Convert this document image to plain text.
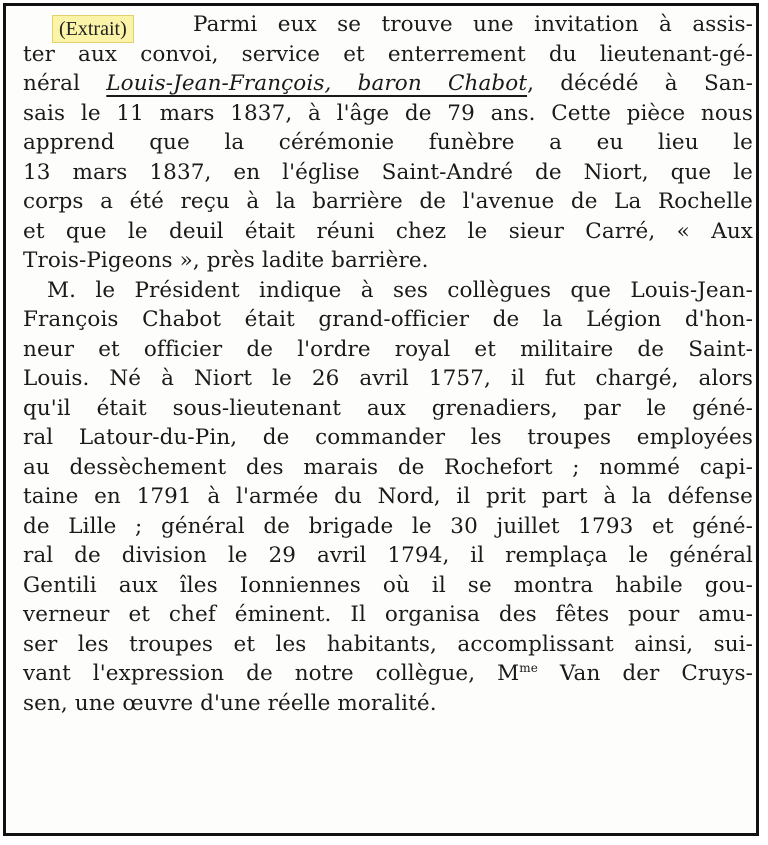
(Extrait)	Parmi eux se trouve une invitation à assis-
ter aux convoi, service et enterrement du lieutenant-gé-
néral Louis-Jean-François, baron Chabot, décédé à San-
sais le 11 mars 1837, à l'âge de 79 ans. Cette pièce nous
apprend que la cérémonie funèbre a eu lieu le
13 mars 1837, en l'église Saint-André de Niort, que le
corps a été reçu à la barrière de l'avenue de La Rochelle
et que le deuil était réuni chez le sieur Carré, « Aux
Trois-Pigeons », près ladite barrière.
M. le Président indique à ses collègues que Louis-Jean-
François Chabot était grand-officier de la Légion d'hon-
neur et officier de l'ordre royal et militaire de Saint-
Louis. Né à Niort le 26 avril 1757, il fut chargé, alors
qu'il était sous-lieutenant aux grenadiers, par le géné-
ral Latour-du-Pin, de commander les troupes employées
au dessèchement des marais de Rochefort ; nommé capi-
taine en 1791 à l'armée du Nord, il prit part à la défense
de Lille ; général de brigade le 30 juillet 1793 et géné-
ral de division le 29 avril 1794, il remplaça le général
Gentili aux îles Ionniennes où il se montra habile gou-
verneur et chef éminent. Il organisa des fêtes pour amu-
ser les troupes et les habitants, accomplissant ainsi, sui-
vant l'expression de notre collègue, $M^{me}$ Van der Cruys-
sen, une œuvre d'une réelle moralité.
